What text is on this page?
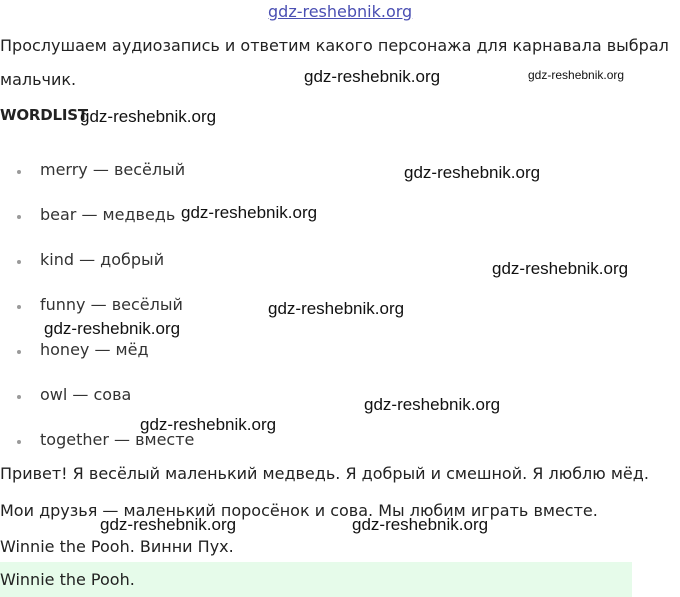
gdz-reshebnik.org
Прослушаем аудиозапись и ответим какого персонажа для карнавала выбрал
мальчик.
WORDLIST
merry — весёлый
bear — медведь
kind — добрый
funny — весёлый
honey — мёд
owl — сова
together — вместе
Привет! Я весёлый маленький медведь. Я добрый и смешной. Я люблю мёд.
Мои друзья — маленький поросёнок и сова. Мы любим играть вместе.
Winnie the Pooh. Винни Пух.
Winnie the Pooh.
gdz-reshebnik.org	gdz-reshebnik.org
gdz-reshebnik.org
gdz-reshebnik.org
gdz-reshebnik.org
gdz-reshebnik.org
gdz-reshebnik.org
gdz-reshebnik.org
gdz-reshebnik.org
gdz-reshebnik.org
gdz-reshebnik.org	gdz-reshebnik.org
